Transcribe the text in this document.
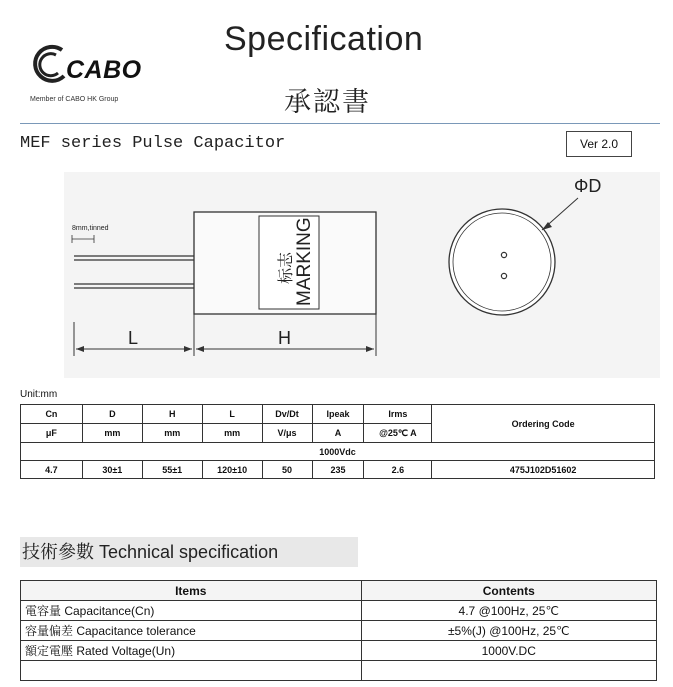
CABO
Member of CABO HK Group
Specification
承認書
MEF series Pulse Capacitor	Ver 2.0
8mm,tinned
标志 MARKING
L	H
ΦD
Unit:mm
Cn	D	H	L	Dv/Dt	Ipeak	Irms	Ordering Code
μF	mm	mm	mm	V/μs	A	@25℃ A	
1000Vdc							
4.7	30±1	55±1	120±10	50	235	2.6	475J102D51602
技術參數 Technical specification
Items	Contents
電容量 Capacitance(Cn)	4.7 @100Hz, 25℃
容量偏差 Capacitance tolerance	±5%(J) @100Hz, 25℃
額定電壓 Rated Voltage(Un)	1000V.DC
